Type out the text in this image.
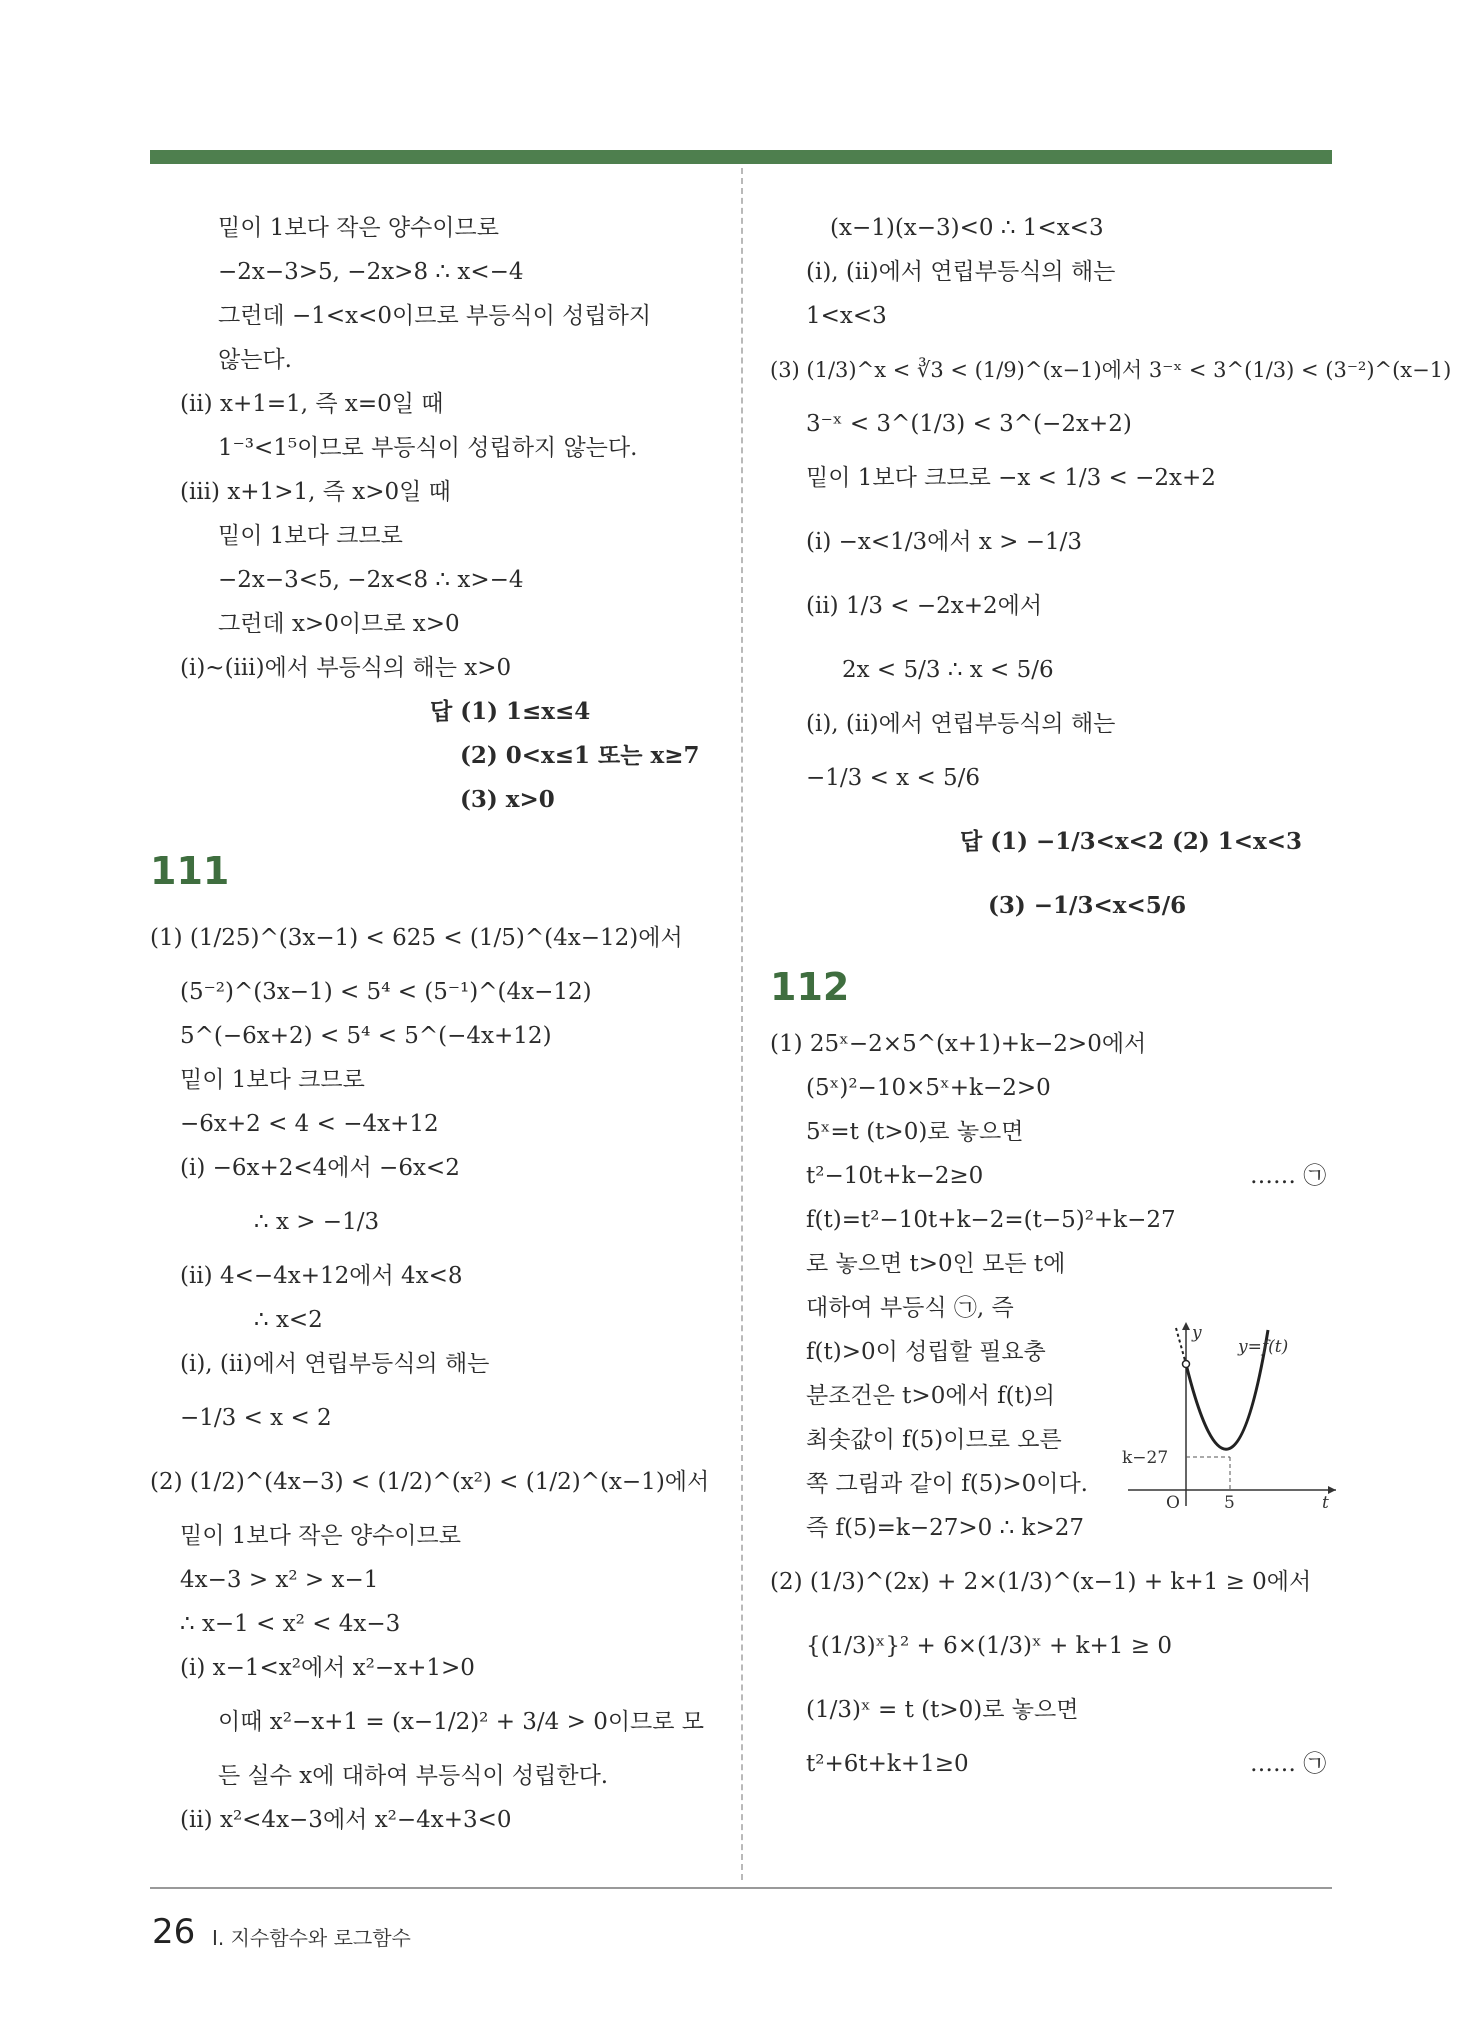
밑이 1보다 작은 양수이므로
−2x−3>5, −2x>8 ∴ x<−4
그런데 −1<x<0이므로 부등식이 성립하지
않는다.
(ⅱ) x+1=1, 즉 x=0일 때
1⁻³<1⁵이므로 부등식이 성립하지 않는다.
(ⅲ) x+1>1, 즉 x>0일 때
밑이 1보다 크므로
−2x−3<5, −2x<8 ∴ x>−4
그런데 x>0이므로 x>0
(ⅰ)~(ⅲ)에서 부등식의 해는 x>0
답 (1) 1≤x≤4
(2) 0<x≤1 또는 x≥7
(3) x>0
111
(1) (1/25)^(3x−1) < 625 < (1/5)^(4x−12)에서
(5⁻²)^(3x−1) < 5⁴ < (5⁻¹)^(4x−12)
5^(−6x+2) < 5⁴ < 5^(−4x+12)
밑이 1보다 크므로
−6x+2 < 4 < −4x+12
(ⅰ) −6x+2<4에서 −6x<2
∴ x > −1/3
(ⅱ) 4<−4x+12에서 4x<8
∴ x<2
(ⅰ), (ⅱ)에서 연립부등식의 해는
−1/3 < x < 2
(2) (1/2)^(4x−3) < (1/2)^(x²) < (1/2)^(x−1)에서
밑이 1보다 작은 양수이므로
4x−3 > x² > x−1
∴ x−1 < x² < 4x−3
(ⅰ) x−1<x²에서 x²−x+1>0
이때 x²−x+1 = (x−1/2)² + 3/4 > 0이므로 모
든 실수 x에 대하여 부등식이 성립한다.
(ⅱ) x²<4x−3에서 x²−4x+3<0
(x−1)(x−3)<0 ∴ 1<x<3
(ⅰ), (ⅱ)에서 연립부등식의 해는
1<x<3
(3) (1/3)^x < ∛3 < (1/9)^(x−1)에서 3⁻ˣ < 3^(1/3) < (3⁻²)^(x−1)
3⁻ˣ < 3^(1/3) < 3^(−2x+2)
밑이 1보다 크므로 −x < 1/3 < −2x+2
(ⅰ) −x<1/3에서 x > −1/3
(ⅱ) 1/3 < −2x+2에서
2x < 5/3 ∴ x < 5/6
(ⅰ), (ⅱ)에서 연립부등식의 해는
−1/3 < x < 5/6
답 (1) −1/3<x<2 (2) 1<x<3
(3) −1/3<x<5/6
112
(1) 25ˣ−2×5^(x+1)+k−2>0에서
(5ˣ)²−10×5ˣ+k−2>0
5ˣ=t (t>0)로 놓으면
t²−10t+k−2≥0	…… ㉠
f(t)=t²−10t+k−2=(t−5)²+k−27
로 놓으면 t>0인 모든 t에
대하여 부등식 ㉠, 즉
f(t)>0이 성립할 필요충
분조건은 t>0에서 f(t)의
최솟값이 f(5)이므로 오른
쪽 그림과 같이 f(5)>0이다.
즉 f(5)=k−27>0 ∴ k>27
(2) (1/3)^(2x) + 2×(1/3)^(x−1) + k+1 ≥ 0에서
{(1/3)ˣ}² + 6×(1/3)ˣ + k+1 ≥ 0
(1/3)ˣ = t (t>0)로 놓으면
t²+6t+k+1≥0	…… ㉠
y
y=f(t)
k−27
O	5	t
26 Ⅰ. 지수함수와 로그함수
